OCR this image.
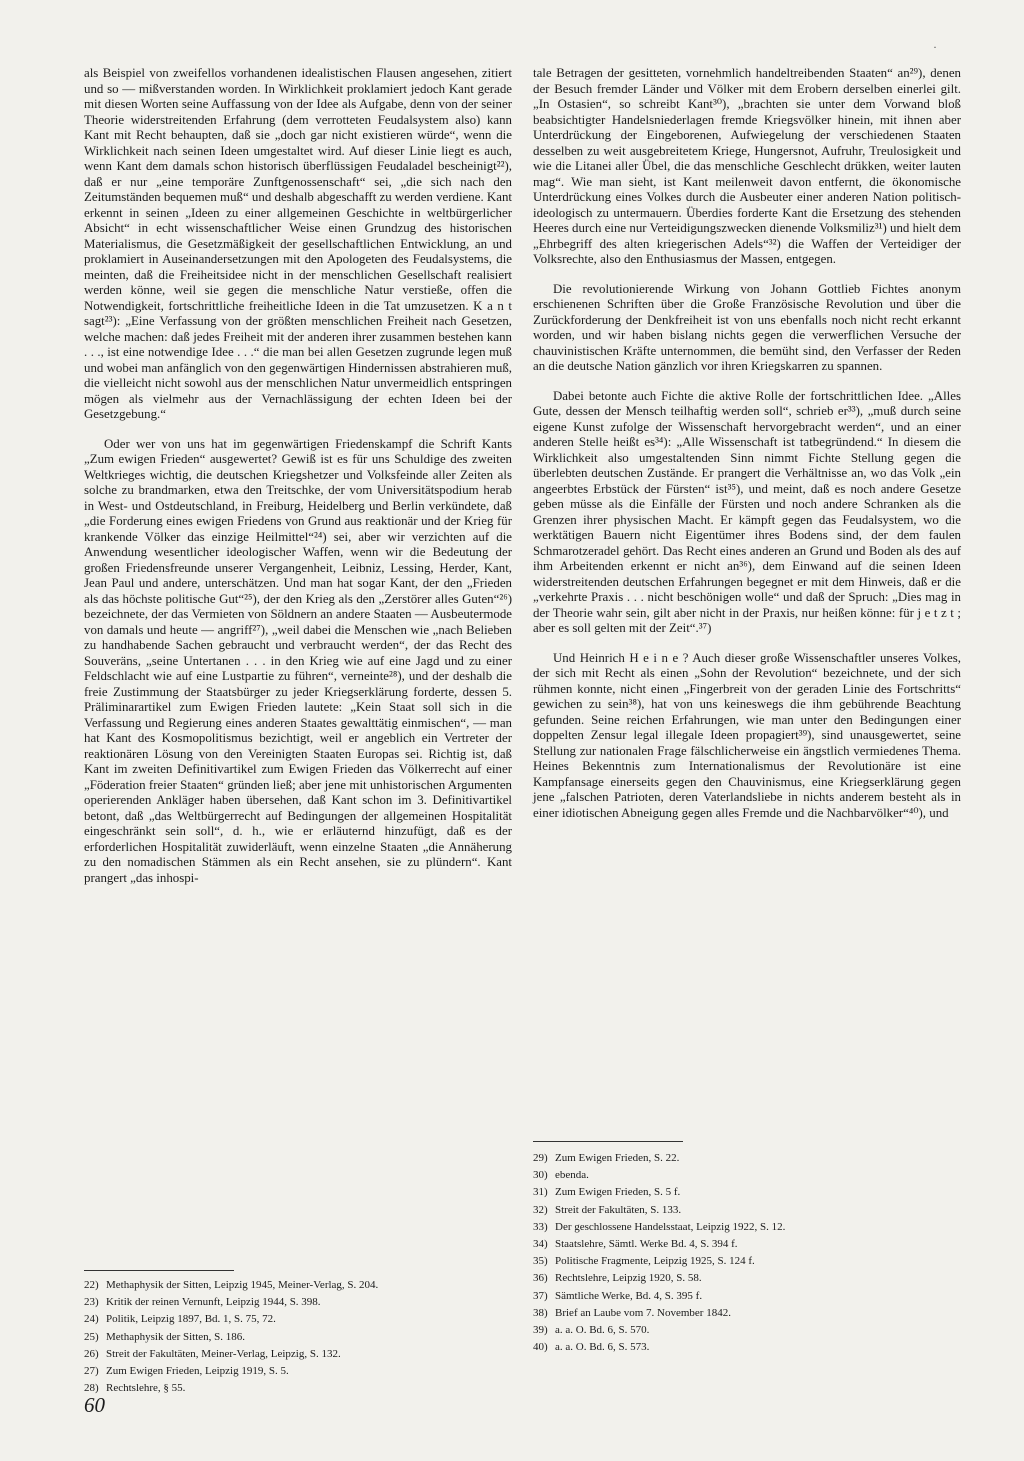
·

als Beispiel von zweifellos vorhandenen idealistischen Flausen angesehen, zitiert und so — mißverstanden worden. In Wirklichkeit proklamiert jedoch Kant gerade mit diesen Worten seine Auffassung von der Idee als Aufgabe, denn von der seiner Theorie widerstreitenden Erfahrung (dem verrotteten Feudalsystem also) kann Kant mit Recht behaupten, daß sie „doch gar nicht existieren würde“, wenn die Wirklichkeit nach seinen Ideen umgestaltet wird. Auf dieser Linie liegt es auch, wenn Kant dem damals schon historisch überflüssigen Feudaladel bescheinigt²²), daß er nur „eine temporäre Zunftgenossenschaft“ sei, „die sich nach den Zeitumständen bequemen muß“ und deshalb abgeschafft zu werden verdiene. Kant erkennt in seinen „Ideen zu einer allgemeinen Geschichte in weltbürgerlicher Absicht“ in echt wissenschaftlicher Weise einen Grundzug des historischen Materialismus, die Gesetzmäßigkeit der gesellschaftlichen Entwicklung, an und proklamiert in Auseinandersetzungen mit den Apologeten des Feudalsystems, die meinten, daß die Freiheitsidee nicht in der menschlichen Gesellschaft realisiert werden könne, weil sie gegen die menschliche Natur verstieße, offen die Notwendigkeit, fortschrittliche freiheitliche Ideen in die Tat umzusetzen. K a n t sagt²³): „Eine Verfassung von der größten menschlichen Freiheit nach Gesetzen, welche machen: daß jedes Freiheit mit der anderen ihrer zusammen bestehen kann . . ., ist eine notwendige Idee . . .“ die man bei allen Gesetzen zugrunde legen muß und wobei man anfänglich von den gegenwärtigen Hindernissen abstrahieren muß, die vielleicht nicht sowohl aus der menschlichen Natur unvermeidlich entspringen mögen als vielmehr aus der Vernachlässigung der echten Ideen bei der Gesetzgebung.“

Oder wer von uns hat im gegenwärtigen Friedenskampf die Schrift Kants „Zum ewigen Frieden“ ausgewertet? Gewiß ist es für uns Schuldige des zweiten Weltkrieges wichtig, die deutschen Kriegshetzer und Volksfeinde aller Zeiten als solche zu brandmarken, etwa den Treitschke, der vom Universitätspodium herab in West- und Ostdeutschland, in Freiburg, Heidelberg und Berlin verkündete, daß „die Forderung eines ewigen Friedens von Grund aus reaktionär und der Krieg für krankende Völker das einzige Heilmittel“²⁴) sei, aber wir verzichten auf die Anwendung wesentlicher ideologischer Waffen, wenn wir die Bedeutung der großen Friedensfreunde unserer Vergangenheit, Leibniz, Lessing, Herder, Kant, Jean Paul und andere, unterschätzen. Und man hat sogar Kant, der den „Frieden als das höchste politische Gut“²⁵), der den Krieg als den „Zerstörer alles Guten“²⁶) bezeichnete, der das Vermieten von Söldnern an andere Staaten — Ausbeutermode von damals und heute — angriff²⁷), „weil dabei die Menschen wie „nach Belieben zu handhabende Sachen gebraucht und verbraucht werden“, der das Recht des Souveräns, „seine Untertanen . . . in den Krieg wie auf eine Jagd und zu einer Feldschlacht wie auf eine Lustpartie zu führen“, verneinte²⁸), und der deshalb die freie Zustimmung der Staatsbürger zu jeder Kriegserklärung forderte, dessen 5. Präliminarartikel zum Ewigen Frieden lautete: „Kein Staat soll sich in die Verfassung und Regierung eines anderen Staates gewalttätig einmischen“, — man hat Kant des Kosmopolitismus bezichtigt, weil er angeblich ein Vertreter der reaktionären Lösung von den Vereinigten Staaten Europas sei. Richtig ist, daß Kant im zweiten Definitivartikel zum Ewigen Frieden das Völkerrecht auf einer „Föderation freier Staaten“ gründen ließ; aber jene mit unhistorischen Argumenten operierenden Ankläger haben übersehen, daß Kant schon im 3. Definitivartikel betont, daß „das Weltbürgerrecht auf Bedingungen der allgemeinen Hospitalität eingeschränkt sein soll“, d. h., wie er erläuternd hinzufügt, daß es der erforderlichen Hospitalität zuwiderläuft, wenn einzelne Staaten „die Annäherung zu den nomadischen Stämmen als ein Recht ansehen, sie zu plündern“. Kant prangert „das inhospi-

tale Betragen der gesitteten, vornehmlich handeltreibenden Staaten“ an²⁹), denen der Besuch fremder Länder und Völker mit dem Erobern derselben einerlei gilt. „In Ostasien“, so schreibt Kant³⁰), „brachten sie unter dem Vorwand bloß beabsichtigter Handelsniederlagen fremde Kriegsvölker hinein, mit ihnen aber Unterdrückung der Eingeborenen, Aufwiegelung der verschiedenen Staaten desselben zu weit ausgebreitetem Kriege, Hungersnot, Aufruhr, Treulosigkeit und wie die Litanei aller Übel, die das menschliche Geschlecht drükken, weiter lauten mag“. Wie man sieht, ist Kant meilenweit davon entfernt, die ökonomische Unterdrückung eines Volkes durch die Ausbeuter einer anderen Nation politisch-ideologisch zu untermauern. Überdies forderte Kant die Ersetzung des stehenden Heeres durch eine nur Verteidigungszwecken dienende Volksmiliz³¹) und hielt dem „Ehrbegriff des alten kriegerischen Adels“³²) die Waffen der Verteidiger der Volksrechte, also den Enthusiasmus der Massen, entgegen.

Die revolutionierende Wirkung von Johann Gottlieb Fichtes anonym erschienenen Schriften über die Große Französische Revolution und über die Zurückforderung der Denkfreiheit ist von uns ebenfalls noch nicht recht erkannt worden, und wir haben bislang nichts gegen die verwerflichen Versuche der chauvinistischen Kräfte unternommen, die bemüht sind, den Verfasser der Reden an die deutsche Nation gänzlich vor ihren Kriegskarren zu spannen.

Dabei betonte auch Fichte die aktive Rolle der fortschrittlichen Idee. „Alles Gute, dessen der Mensch teilhaftig werden soll“, schrieb er³³), „muß durch seine eigene Kunst zufolge der Wissenschaft hervorgebracht werden“, und an einer anderen Stelle heißt es³⁴): „Alle Wissenschaft ist tatbegründend.“ In diesem die Wirklichkeit also umgestaltenden Sinn nimmt Fichte Stellung gegen die überlebten deutschen Zustände. Er prangert die Verhältnisse an, wo das Volk „ein angeerbtes Erbstück der Fürsten“ ist³⁵), und meint, daß es noch andere Gesetze geben müsse als die Einfälle der Fürsten und noch andere Schranken als die Grenzen ihrer physischen Macht. Er kämpft gegen das Feudalsystem, wo die werktätigen Bauern nicht Eigentümer ihres Bodens sind, der dem faulen Schmarotzeradel gehört. Das Recht eines anderen an Grund und Boden als des auf ihm Arbeitenden erkennt er nicht an³⁶), dem Einwand auf die seinen Ideen widerstreitenden deutschen Erfahrungen begegnet er mit dem Hinweis, daß er die „verkehrte Praxis . . . nicht beschönigen wolle“ und daß der Spruch: „Dies mag in der Theorie wahr sein, gilt aber nicht in der Praxis, nur heißen könne: für j e t z t ; aber es soll gelten mit der Zeit“.³⁷)

Und Heinrich H e i n e ? Auch dieser große Wissenschaftler unseres Volkes, der sich mit Recht als einen „Sohn der Revolution“ bezeichnete, und der sich rühmen konnte, nicht einen „Fingerbreit von der geraden Linie des Fortschritts“ gewichen zu sein³⁸), hat von uns keineswegs die ihm gebührende Beachtung gefunden. Seine reichen Erfahrungen, wie man unter den Bedingungen einer doppelten Zensur legal illegale Ideen propagiert³⁹), sind unausgewertet, seine Stellung zur nationalen Frage fälschlicherweise ein ängstlich vermiedenes Thema. Heines Bekenntnis zum Internationalismus der Revolutionäre ist eine Kampfansage einerseits gegen den Chauvinismus, eine Kriegserklärung gegen jene „falschen Patrioten, deren Vaterlandsliebe in nichts anderem besteht als in einer idiotischen Abneigung gegen alles Fremde und die Nachbarvölker“⁴⁰), und

22) Methaphysik der Sitten, Leipzig 1945, Meiner-Verlag, S. 204.
23) Kritik der reinen Vernunft, Leipzig 1944, S. 398.
24) Politik, Leipzig 1897, Bd. 1, S. 75, 72.
25) Methaphysik der Sitten, S. 186.
26) Streit der Fakultäten, Meiner-Verlag, Leipzig, S. 132.
27) Zum Ewigen Frieden, Leipzig 1919, S. 5.
28) Rechtslehre, § 55.
29) Zum Ewigen Frieden, S. 22.
30) ebenda.
31) Zum Ewigen Frieden, S. 5 f.
32) Streit der Fakultäten, S. 133.
33) Der geschlossene Handelsstaat, Leipzig 1922, S. 12.
34) Staatslehre, Sämtl. Werke Bd. 4, S. 394 f.
35) Politische Fragmente, Leipzig 1925, S. 124 f.
36) Rechtslehre, Leipzig 1920, S. 58.
37) Sämtliche Werke, Bd. 4, S. 395 f.
38) Brief an Laube vom 7. November 1842.
39) a. a. O. Bd. 6, S. 570.
40) a. a. O. Bd. 6, S. 573.
60
